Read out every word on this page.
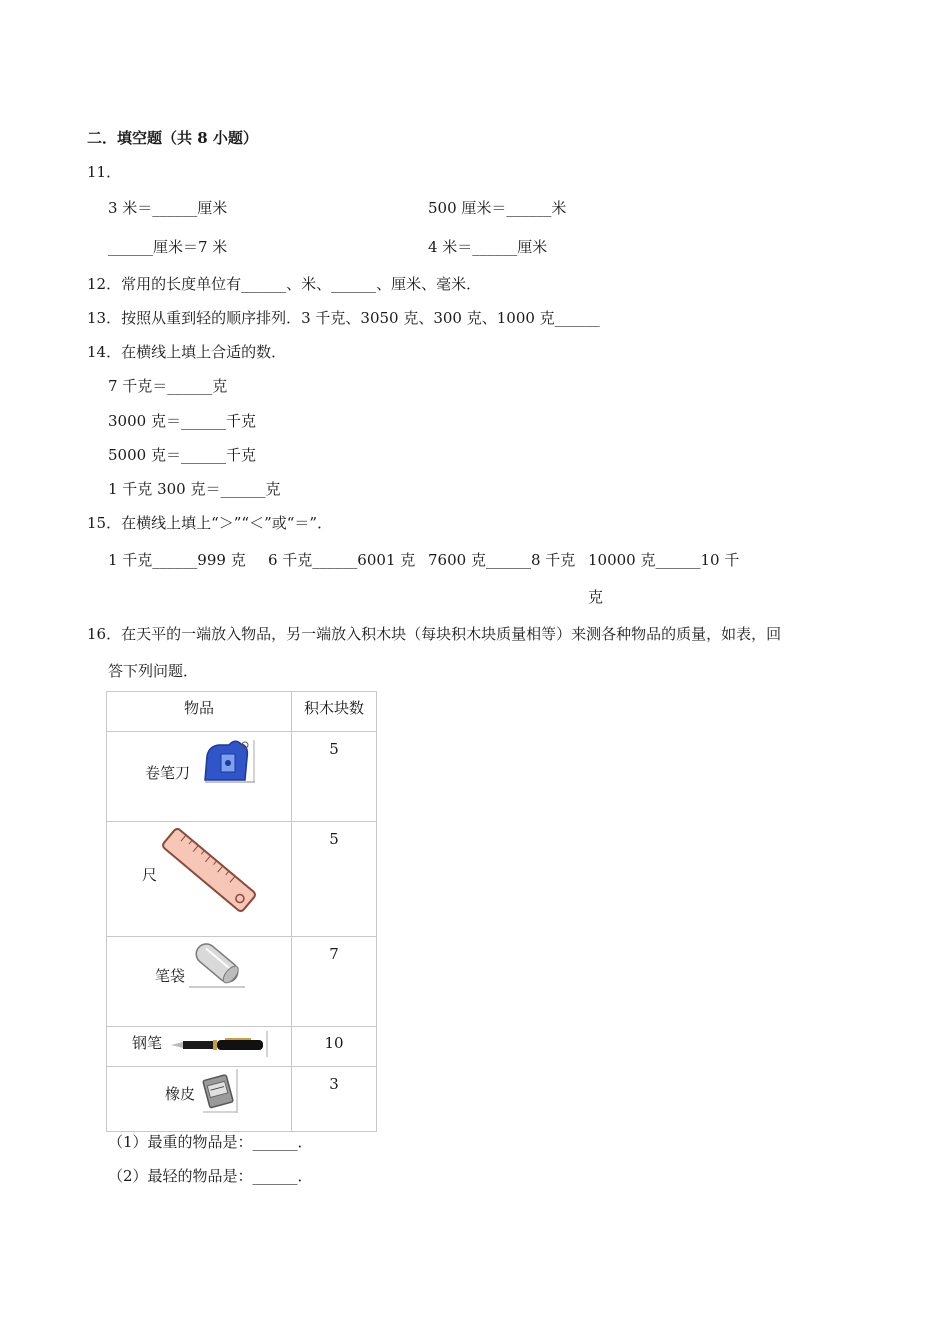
二．填空题（共 8 小题）
11．
3 米＝______厘米	500 厘米＝______米
______厘米＝7 米	4 米＝______厘米
12．常用的长度单位有______、米、______、厘米、毫米．
13．按照从重到轻的顺序排列．3 千克、3050 克、300 克、1000 克______
14．在横线上填上合适的数．
7 千克＝______克
3000 克＝______千克
5000 克＝______千克
1 千克 300 克＝______克
15．在横线上填上“＞”“＜”或“＝”．
1 千克______999 克 6 千克______6001 克 7600 克______8 千克 10000 克______10 千
克
16．在天平的一端放入物品，另一端放入积木块（每块积木块质量相等）来测各种物品的质量，如表，回
答下列问题．
物品	积木块数

卷笔刀	5

尺	5

笔袋	7

钢笔	10

橡皮	3
（1）最重的物品是：______．
（2）最轻的物品是：______．
